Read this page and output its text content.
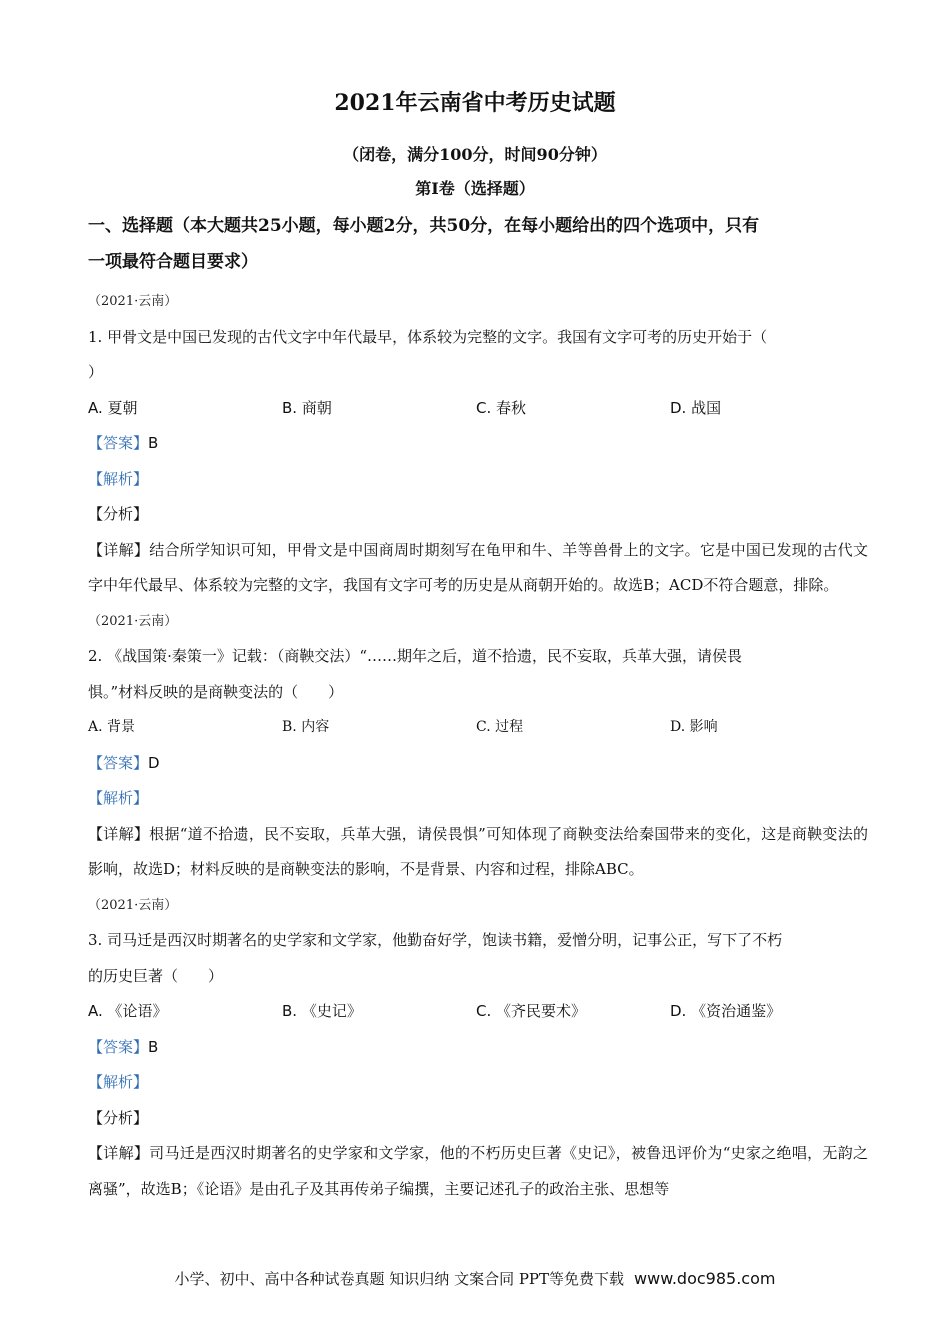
2021年云南省中考历史试题
（闭卷，满分100分，时间90分钟）
第Ⅰ卷（选择题）
一、选择题（本大题共25小题，每小题2分，共50分，在每小题给出的四个选项中，只有
一项最符合题目要求）
（2021·云南）
1. 甲骨文是中国已发现的古代文字中年代最早，体系较为完整的文字。我国有文字可考的历史开始于（
）
A. 夏朝	B. 商朝	C. 春秋	D. 战国
【答案】B
【解析】
【分析】
【详解】结合所学知识可知，甲骨文是中国商周时期刻写在龟甲和牛、羊等兽骨上的文字。它是中国已发现的古代文字中年代最早、体系较为完整的文字，我国有文字可考的历史是从商朝开始的。故选B；ACD不符合题意，排除。
（2021·云南）
2. 《战国策·秦策一》记载：（商鞅交法）“……期年之后，道不拾遗，民不妄取，兵革大强，请侯畏
惧。”材料反映的是商鞅变法的（　　）
A. 背景	B. 内容	C. 过程	D. 影响
【答案】D
【解析】
【详解】根据“道不拾遗，民不妄取，兵革大强，请侯畏惧”可知体现了商鞅变法给秦国带来的变化，这是商鞅变法的影响，故选D；材料反映的是商鞅变法的影响，不是背景、内容和过程，排除ABC。
（2021·云南）
3. 司马迁是西汉时期著名的史学家和文学家，他勤奋好学，饱读书籍，爱憎分明，记事公正，写下了不朽
的历史巨著（　　）
A. 《论语》	B. 《史记》	C. 《齐民要术》	D. 《资治通鉴》
【答案】B
【解析】
【分析】
【详解】司马迁是西汉时期著名的史学家和文学家，他的不朽历史巨著《史记》，被鲁迅评价为“史家之绝唱，无韵之离骚”，故选B；《论语》是由孔子及其再传弟子编撰，主要记述孔子的政治主张、思想等
小学、初中、高中各种试卷真题 知识归纳 文案合同 PPT等免费下载 www.doc985.com
